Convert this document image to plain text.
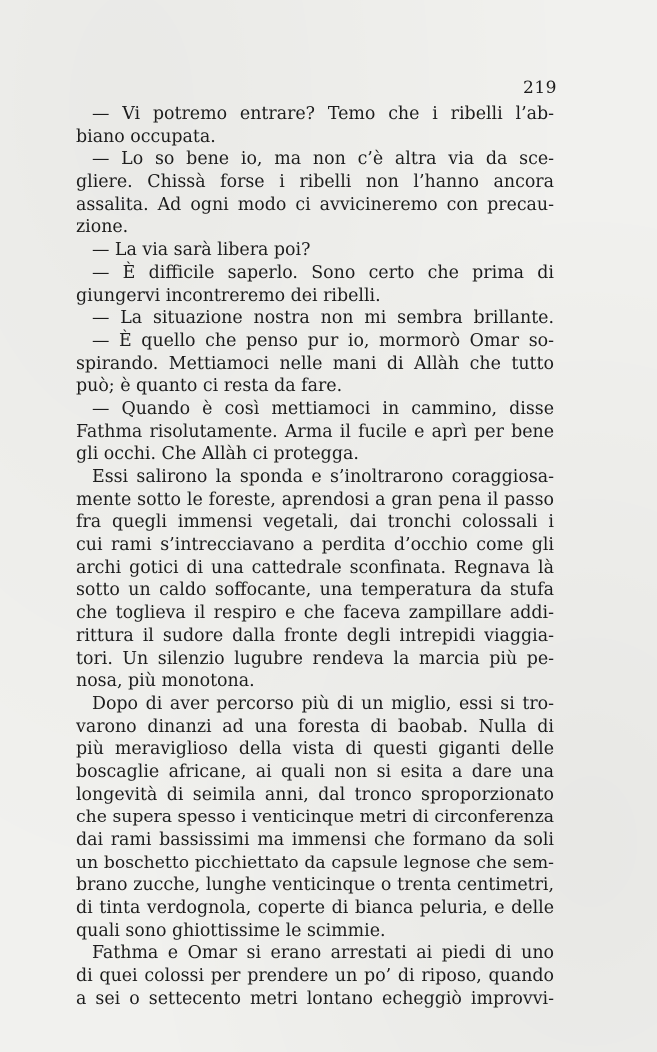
219
— Vi potremo entrare? Temo che i ribelli l’ab-
biano occupata.
— Lo so bene io, ma non c’è altra via da sce-
gliere. Chissà forse i ribelli non l’hanno ancora
assalita. Ad ogni modo ci avvicineremo con precau-
zione.
— La via sarà libera poi?
— È difficile saperlo. Sono certo che prima di
giungervi incontreremo dei ribelli.
— La situazione nostra non mi sembra brillante.
— È quello che penso pur io, mormorò Omar so-
spirando. Mettiamoci nelle mani di Allàh che tutto
può; è quanto ci resta da fare.
— Quando è così mettiamoci in cammino, disse
Fathma risolutamente. Arma il fucile e aprì per bene
gli occhi. Che Allàh ci protegga.
Essi salirono la sponda e s’inoltrarono coraggiosa-
mente sotto le foreste, aprendosi a gran pena il passo
fra quegli immensi vegetali, dai tronchi colossali i
cui rami s’intrecciavano a perdita d’occhio come gli
archi gotici di una cattedrale sconfinata. Regnava là
sotto un caldo soffocante, una temperatura da stufa
che toglieva il respiro e che faceva zampillare addi-
rittura il sudore dalla fronte degli intrepidi viaggia-
tori. Un silenzio lugubre rendeva la marcia più pe-
nosa, più monotona.
Dopo di aver percorso più di un miglio, essi si tro-
varono dinanzi ad una foresta di baobab. Nulla di
più meraviglioso della vista di questi giganti delle
boscaglie africane, ai quali non si esita a dare una
longevità di seimila anni, dal tronco sproporzionato
che supera spesso i venticinque metri di circonferenza
dai rami bassissimi ma immensi che formano da soli
un boschetto picchiettato da capsule legnose che sem-
brano zucche, lunghe venticinque o trenta centimetri,
di tinta verdognola, coperte di bianca peluria, e delle
quali sono ghiottissime le scimmie.
Fathma e Omar si erano arrestati ai piedi di uno
di quei colossi per prendere un po’ di riposo, quando
a sei o settecento metri lontano echeggiò improvvi-
